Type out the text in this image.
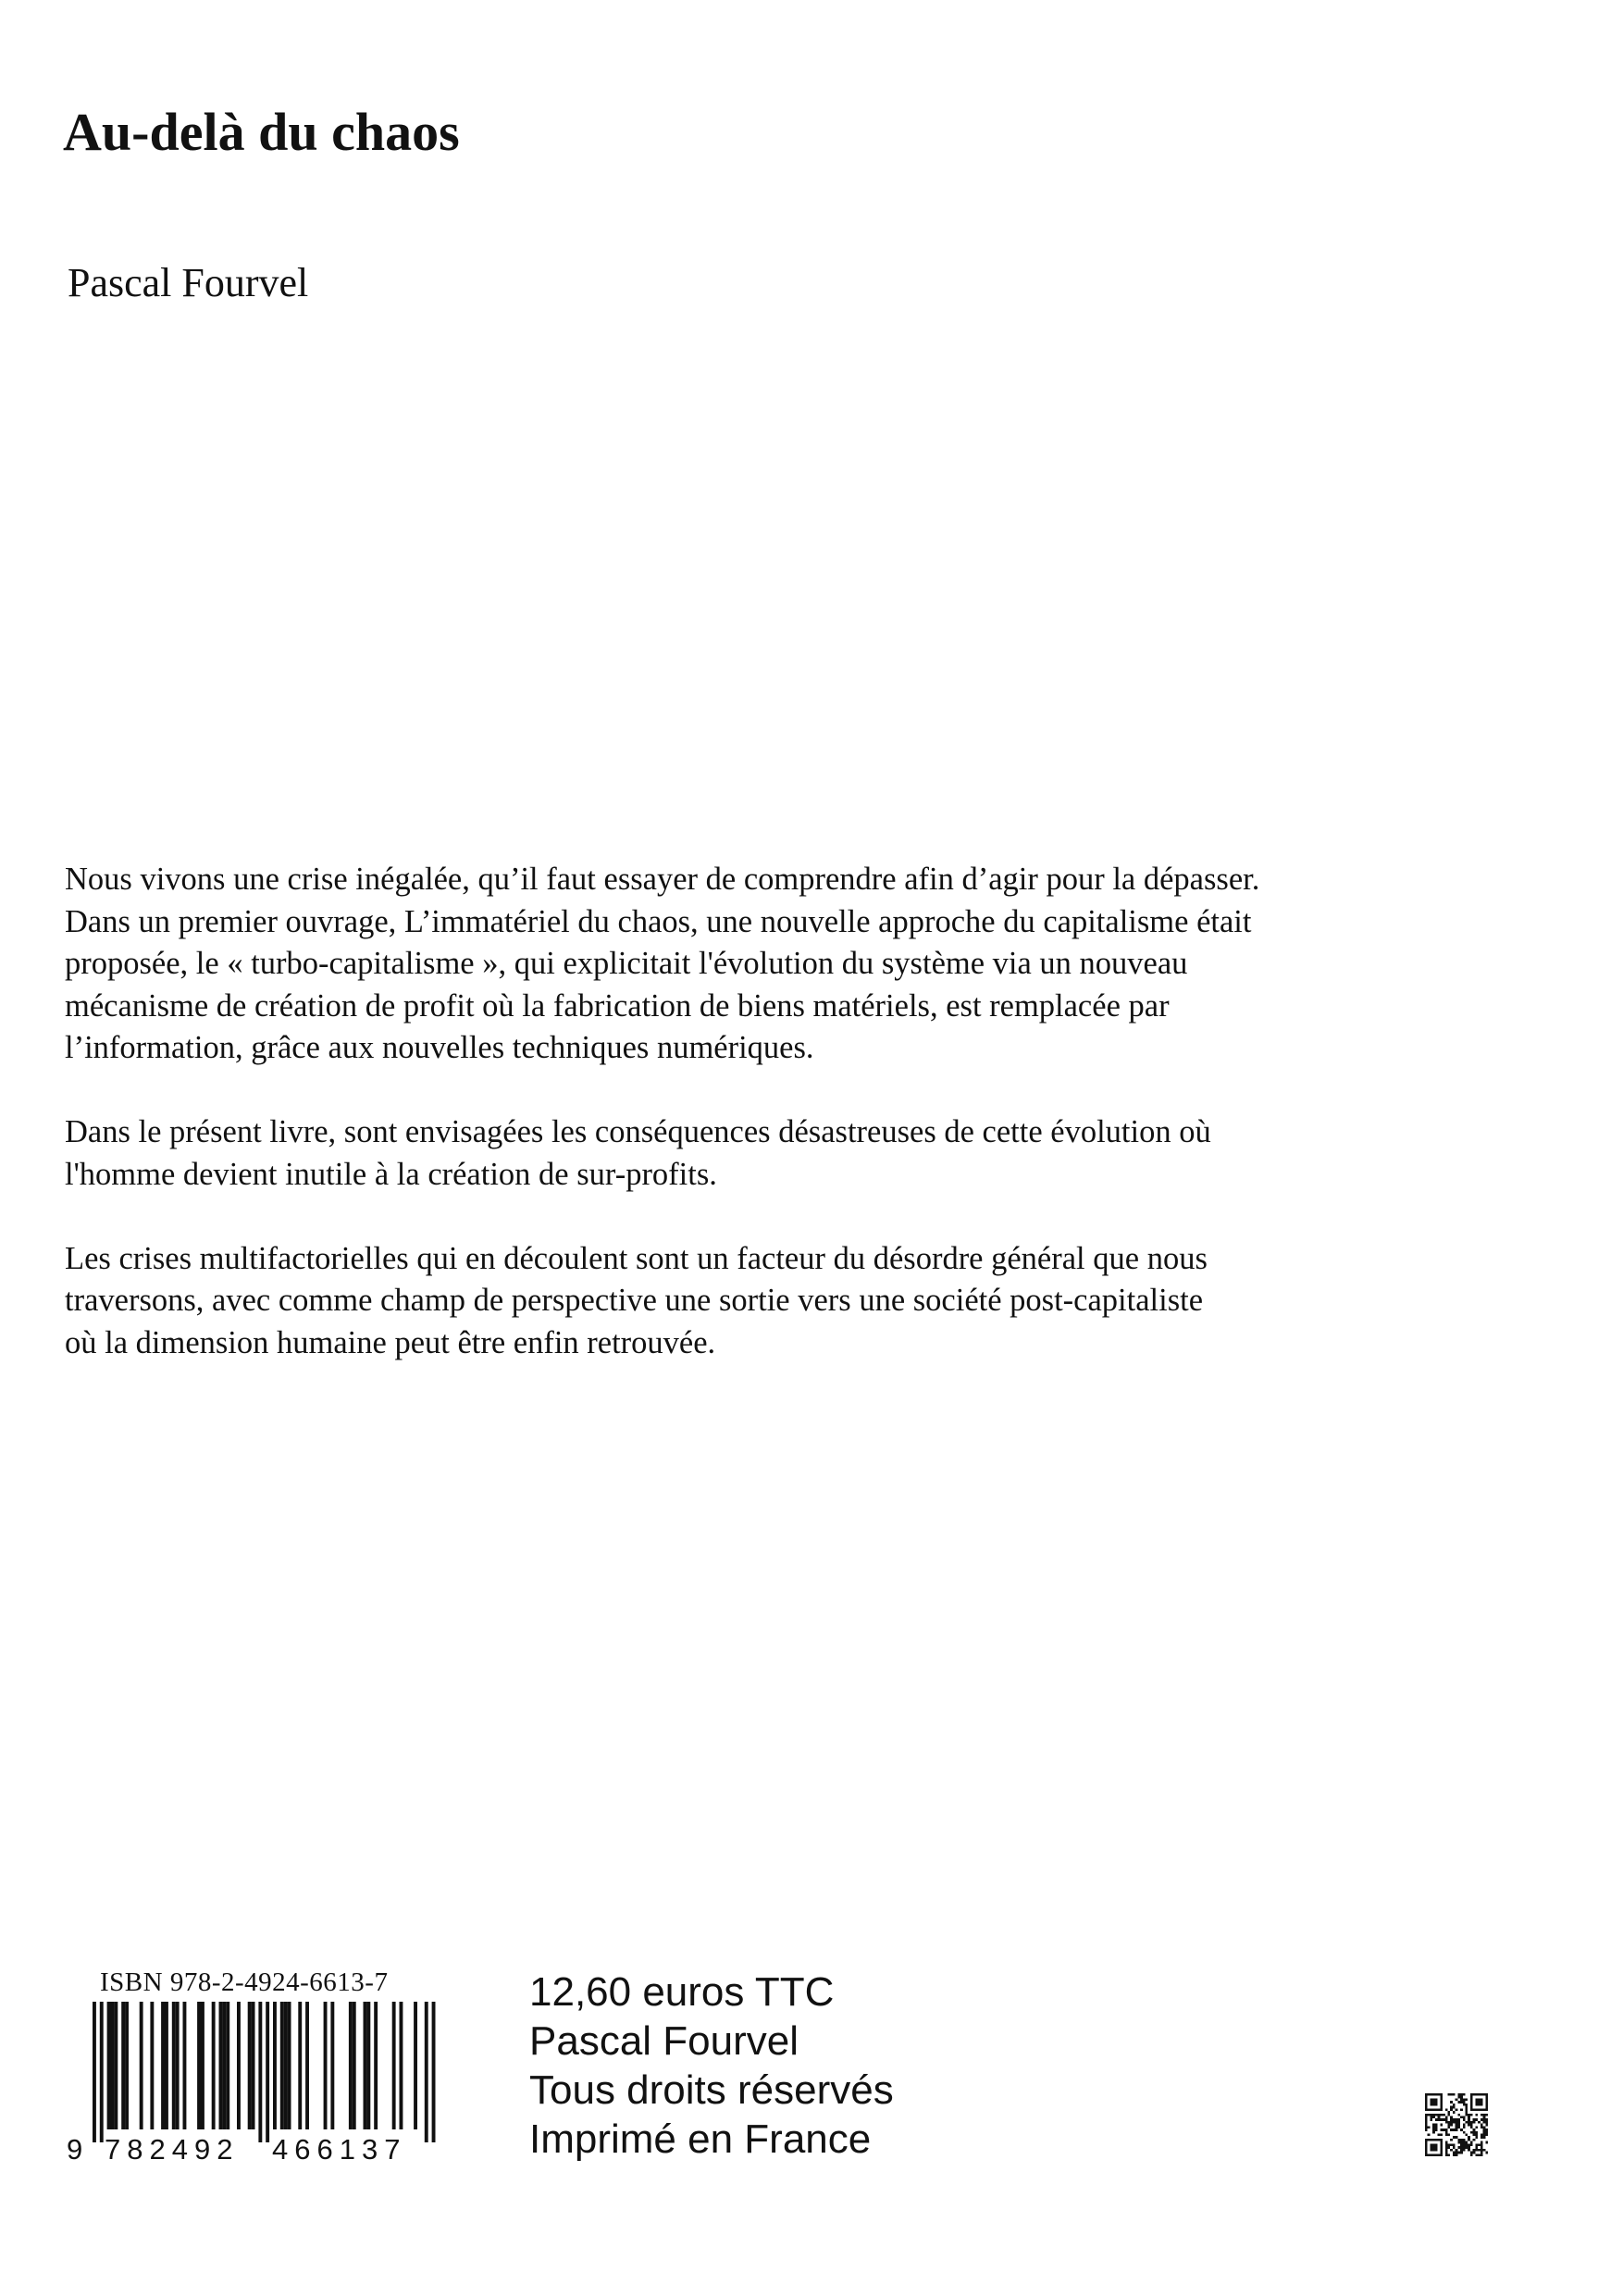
Au-delà du chaos
Pascal Fourvel

Nous vivons une crise inégalée, qu’il faut essayer de comprendre afin d’agir pour la dépasser.
Dans un premier ouvrage, L’immatériel du chaos, une nouvelle approche du capitalisme était
proposée, le « turbo-capitalisme », qui explicitait l'évolution du système via un nouveau
mécanisme de création de profit où la fabrication de biens matériels, est remplacée par
l’information, grâce aux nouvelles techniques numériques.

Dans le présent livre, sont envisagées les conséquences désastreuses de cette évolution où
l'homme devient inutile à la création de sur-profits.

Les crises multifactorielles qui en découlent sont un facteur du désordre général que nous
traversons, avec comme champ de perspective une sortie vers une société post-capitaliste
où la dimension humaine peut être enfin retrouvée.

ISBN 978-2-4924-6613-7
9 782492 466137
12,60 euros TTC
Pascal Fourvel
Tous droits réservés
Imprimé en France
